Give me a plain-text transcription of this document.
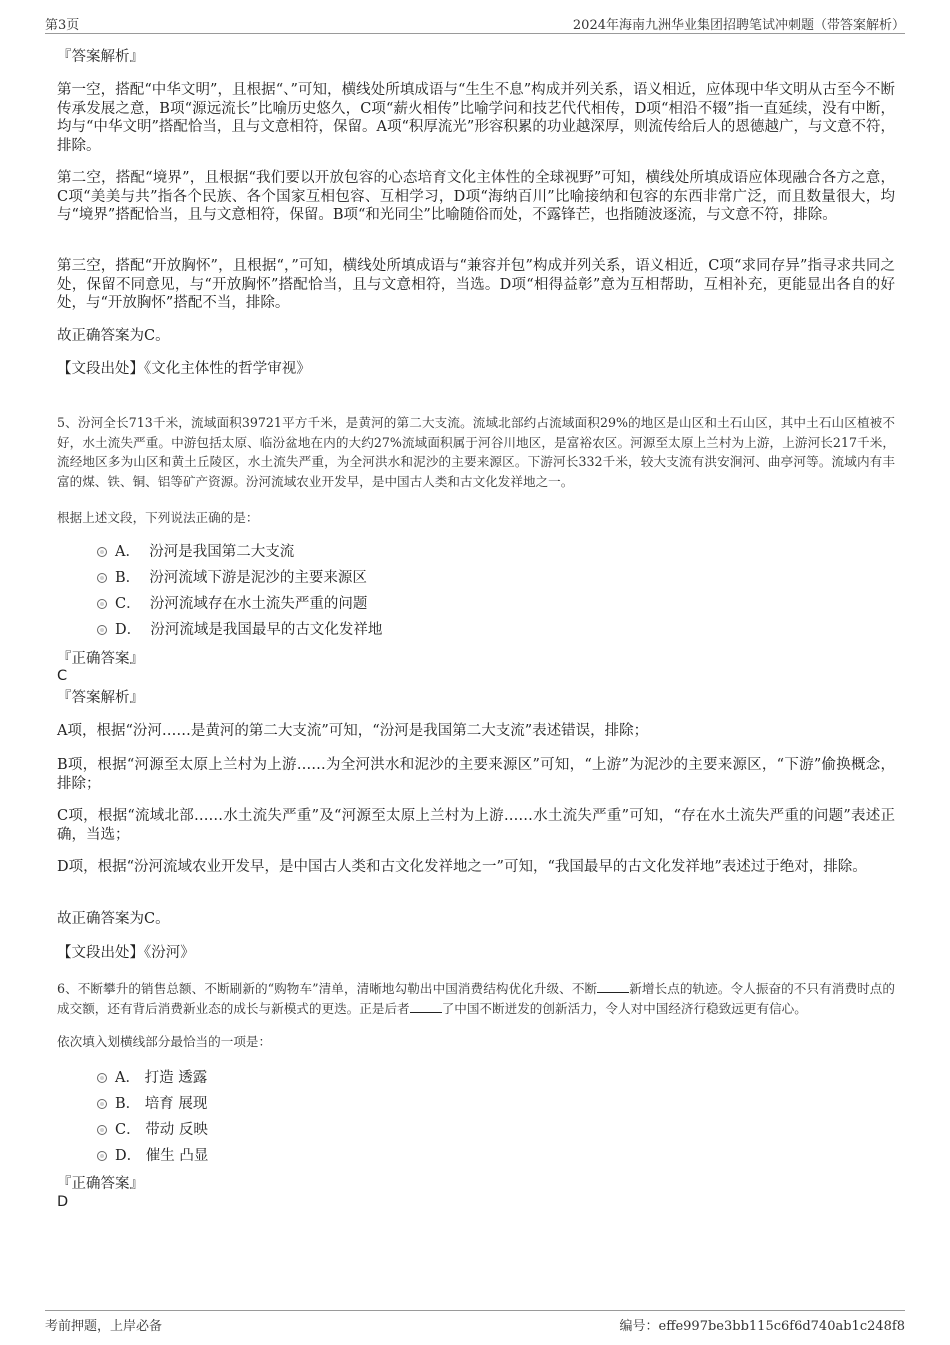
第3页	2024年海南九洲华业集团招聘笔试冲刺题（带答案解析）
『答案解析』
第一空，搭配“中华文明”，且根据“、”可知，横线处所填成语与“生生不息”构成并列关系，语义相近，应体现中华文明从古至今不断传承发展之意，B项“源远流长”比喻历史悠久，C项“薪火相传”比喻学问和技艺代代相传，D项“相沿不辍”指一直延续，没有中断，均与“中华文明”搭配恰当，且与文意相符，保留。A项“积厚流光”形容积累的功业越深厚，则流传给后人的恩德越广，与文意不符，排除。
第二空，搭配“境界”，且根据“我们要以开放包容的心态培育文化主体性的全球视野”可知，横线处所填成语应体现融合各方之意，C项“美美与共”指各个民族、各个国家互相包容、互相学习，D项“海纳百川”比喻接纳和包容的东西非常广泛，而且数量很大，均与“境界”搭配恰当，且与文意相符，保留。B项“和光同尘”比喻随俗而处，不露锋芒，也指随波逐流，与文意不符，排除。
第三空，搭配“开放胸怀”，且根据“，”可知，横线处所填成语与“兼容并包”构成并列关系，语义相近，C项“求同存异”指寻求共同之处，保留不同意见，与“开放胸怀”搭配恰当，且与文意相符，当选。D项“相得益彰”意为互相帮助，互相补充，更能显出各自的好处，与“开放胸怀”搭配不当，排除。
故正确答案为C。
【文段出处】《文化主体性的哲学审视》
5、汾河全长713千米，流域面积39721平方千米，是黄河的第二大支流。流域北部约占流域面积29%的地区是山区和土石山区，其中土石山区植被不好，水土流失严重。中游包括太原、临汾盆地在内的大约27%流域面积属于河谷川地区，是富裕农区。河源至太原上兰村为上游，上游河长217千米，流经地区多为山区和黄土丘陵区，水土流失严重，为全河洪水和泥沙的主要来源区。下游河长332千米，较大支流有洪安涧河、曲亭河等。流域内有丰富的煤、铁、铜、铝等矿产资源。汾河流域农业开发早，是中国古人类和古文化发祥地之一。
根据上述文段，下列说法正确的是：
A． 汾河是我国第二大支流
B． 汾河流域下游是泥沙的主要来源区
C． 汾河流域存在水土流失严重的问题
D． 汾河流域是我国最早的古文化发祥地
『正确答案』
C
『答案解析』
A项，根据“汾河……是黄河的第二大支流”可知，“汾河是我国第二大支流”表述错误，排除；
B项，根据“河源至太原上兰村为上游……为全河洪水和泥沙的主要来源区”可知，“上游”为泥沙的主要来源区，“下游”偷换概念，排除；
C项，根据“流域北部……水土流失严重”及“河源至太原上兰村为上游……水土流失严重”可知，“存在水土流失严重的问题”表述正确，当选；
D项，根据“汾河流域农业开发早，是中国古人类和古文化发祥地之一”可知，“我国最早的古文化发祥地”表述过于绝对，排除。
故正确答案为C。
【文段出处】《汾河》
6、不断攀升的销售总额、不断刷新的“购物车”清单，清晰地勾勒出中国消费结构优化升级、不断	新增长点的轨迹。令人振奋的不只有消费时点的成交额，还有背后消费新业态的成长与新模式的更迭。正是后者	了中国不断迸发的创新活力，令人对中国经济行稳致远更有信心。
依次填入划横线部分最恰当的一项是：
A． 打造 透露
B． 培育 展现
C． 带动 反映
D． 催生 凸显
『正确答案』
D
考前押题，上岸必备	编号：effe997be3bb115c6f6d740ab1c248f8
